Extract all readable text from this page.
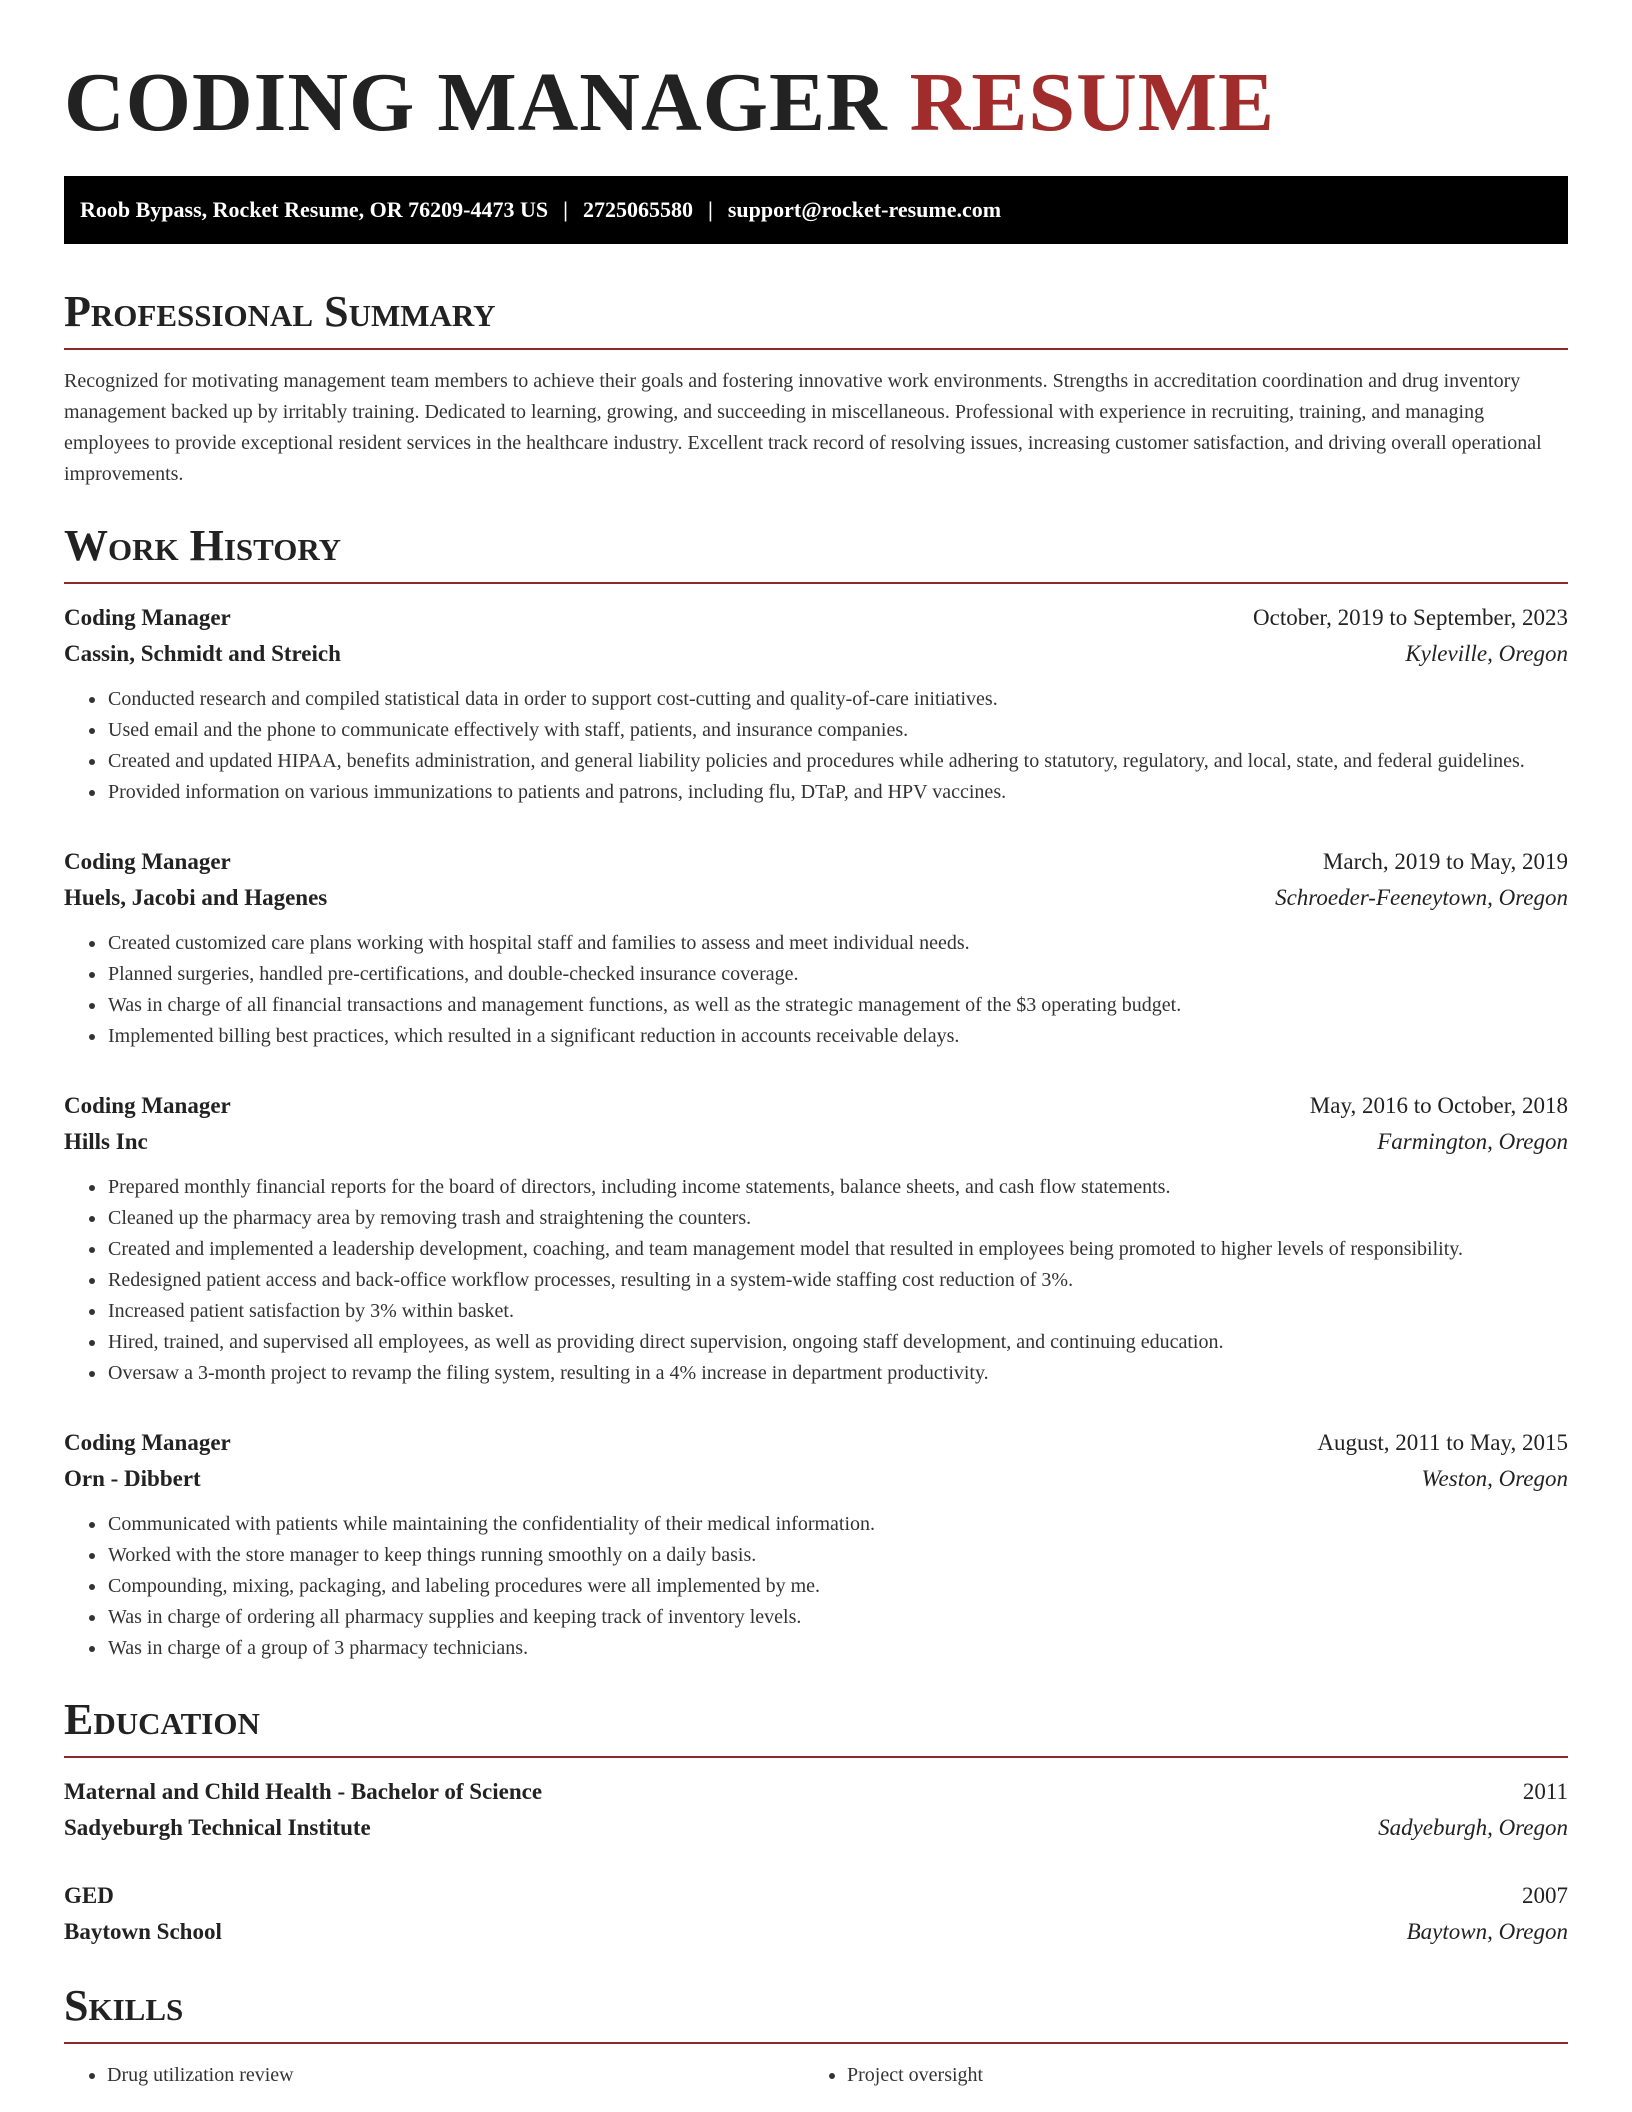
CODING MANAGER RESUME
Roob Bypass, Rocket Resume, OR 76209-4473 US | 2725065580 | support@rocket-resume.com
Professional Summary

Recognized for motivating management team members to achieve their goals and fostering innovative work environments. Strengths in accreditation coordination and drug inventory management backed up by irritably training. Dedicated to learning, growing, and succeeding in miscellaneous. Professional with experience in recruiting, training, and managing employees to provide exceptional resident services in the healthcare industry. Excellent track record of resolving issues, increasing customer satisfaction, and driving overall operational improvements.

Work History
Coding Manager	October, 2019 to September, 2023
Cassin, Schmidt and Streich	Kyleville, Oregon
• Conducted research and compiled statistical data in order to support cost-cutting and quality-of-care initiatives.
• Used email and the phone to communicate effectively with staff, patients, and insurance companies.
• Created and updated HIPAA, benefits administration, and general liability policies and procedures while adhering to statutory, regulatory, and local, state, and federal guidelines.
• Provided information on various immunizations to patients and patrons, including flu, DTaP, and HPV vaccines.
Coding Manager	March, 2019 to May, 2019
Huels, Jacobi and Hagenes	Schroeder-Feeneytown, Oregon
• Created customized care plans working with hospital staff and families to assess and meet individual needs.
• Planned surgeries, handled pre-certifications, and double-checked insurance coverage.
• Was in charge of all financial transactions and management functions, as well as the strategic management of the $3 operating budget.
• Implemented billing best practices, which resulted in a significant reduction in accounts receivable delays.
Coding Manager	May, 2016 to October, 2018
Hills Inc	Farmington, Oregon
• Prepared monthly financial reports for the board of directors, including income statements, balance sheets, and cash flow statements.
• Cleaned up the pharmacy area by removing trash and straightening the counters.
• Created and implemented a leadership development, coaching, and team management model that resulted in employees being promoted to higher levels of responsibility.
• Redesigned patient access and back-office workflow processes, resulting in a system-wide staffing cost reduction of 3%.
• Increased patient satisfaction by 3% within basket.
• Hired, trained, and supervised all employees, as well as providing direct supervision, ongoing staff development, and continuing education.
• Oversaw a 3-month project to revamp the filing system, resulting in a 4% increase in department productivity.
Coding Manager	August, 2011 to May, 2015
Orn - Dibbert	Weston, Oregon
• Communicated with patients while maintaining the confidentiality of their medical information.
• Worked with the store manager to keep things running smoothly on a daily basis.
• Compounding, mixing, packaging, and labeling procedures were all implemented by me.
• Was in charge of ordering all pharmacy supplies and keeping track of inventory levels.
• Was in charge of a group of 3 pharmacy technicians.
Education
Maternal and Child Health - Bachelor of Science	2011
Sadyeburgh Technical Institute	Sadyeburgh, Oregon
GED	2007
Baytown School	Baytown, Oregon
Skills
• Drug utilization review
•	Project oversight
